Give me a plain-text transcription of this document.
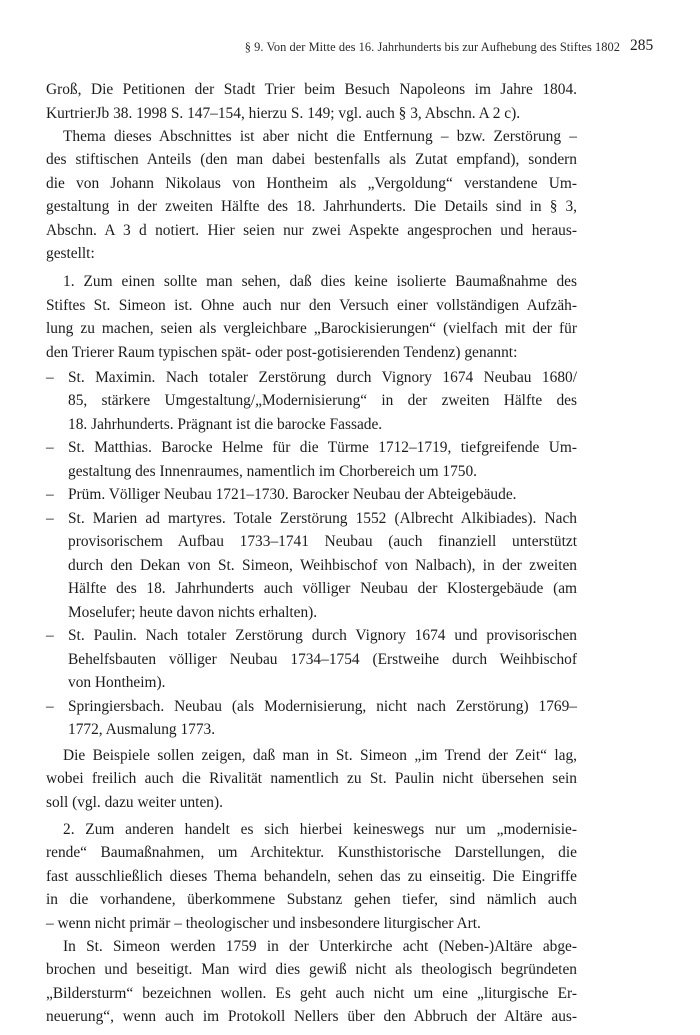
§ 9. Von der Mitte des 16. Jahrhunderts bis zur Aufhebung des Stiftes 1802 285
Groß, Die Petitionen der Stadt Trier beim Besuch Napoleons im Jahre 1804.
KurtrierJb 38. 1998 S. 147–154, hierzu S. 149; vgl. auch § 3, Abschn. A 2 c).
Thema dieses Abschnittes ist aber nicht die Entfernung – bzw. Zerstörung –
des stiftischen Anteils (den man dabei bestenfalls als Zutat empfand), sondern
die von Johann Nikolaus von Hontheim als „Vergoldung“ verstandene Um-
gestaltung in der zweiten Hälfte des 18. Jahrhunderts. Die Details sind in § 3,
Abschn. A 3 d notiert. Hier seien nur zwei Aspekte angesprochen und heraus-
gestellt:
1. Zum einen sollte man sehen, daß dies keine isolierte Baumaßnahme des
Stiftes St. Simeon ist. Ohne auch nur den Versuch einer vollständigen Aufzäh-
lung zu machen, seien als vergleichbare „Barockisierungen“ (vielfach mit der für
den Trierer Raum typischen spät- oder post-gotisierenden Tendenz) genannt:
– St. Maximin. Nach totaler Zerstörung durch Vignory 1674 Neubau 1680/
85, stärkere Umgestaltung/„Modernisierung“ in der zweiten Hälfte des
18. Jahrhunderts. Prägnant ist die barocke Fassade.
– St. Matthias. Barocke Helme für die Türme 1712–1719, tiefgreifende Um-
gestaltung des Innenraumes, namentlich im Chorbereich um 1750.
– Prüm. Völliger Neubau 1721–1730. Barocker Neubau der Abteigebäude.
– St. Marien ad martyres. Totale Zerstörung 1552 (Albrecht Alkibiades). Nach
provisorischem Aufbau 1733–1741 Neubau (auch finanziell unterstützt
durch den Dekan von St. Simeon, Weihbischof von Nalbach), in der zweiten
Hälfte des 18. Jahrhunderts auch völliger Neubau der Klostergebäude (am
Moselufer; heute davon nichts erhalten).
– St. Paulin. Nach totaler Zerstörung durch Vignory 1674 und provisorischen
Behelfsbauten völliger Neubau 1734–1754 (Erstweihe durch Weihbischof
von Hontheim).
– Springiersbach. Neubau (als Modernisierung, nicht nach Zerstörung) 1769–
1772, Ausmalung 1773.
Die Beispiele sollen zeigen, daß man in St. Simeon „im Trend der Zeit“ lag,
wobei freilich auch die Rivalität namentlich zu St. Paulin nicht übersehen sein
soll (vgl. dazu weiter unten).
2. Zum anderen handelt es sich hierbei keineswegs nur um „modernisie-
rende“ Baumaßnahmen, um Architektur. Kunsthistorische Darstellungen, die
fast ausschließlich dieses Thema behandeln, sehen das zu einseitig. Die Eingriffe
in die vorhandene, überkommene Substanz gehen tiefer, sind nämlich auch
– wenn nicht primär – theologischer und insbesondere liturgischer Art.
In St. Simeon werden 1759 in der Unterkirche acht (Neben-)Altäre abge-
brochen und beseitigt. Man wird dies gewiß nicht als theologisch begründeten
„Bildersturm“ bezeichnen wollen. Es geht auch nicht um eine „liturgische Er-
neuerung“, wenn auch im Protokoll Nellers über den Abbruch der Altäre aus-
